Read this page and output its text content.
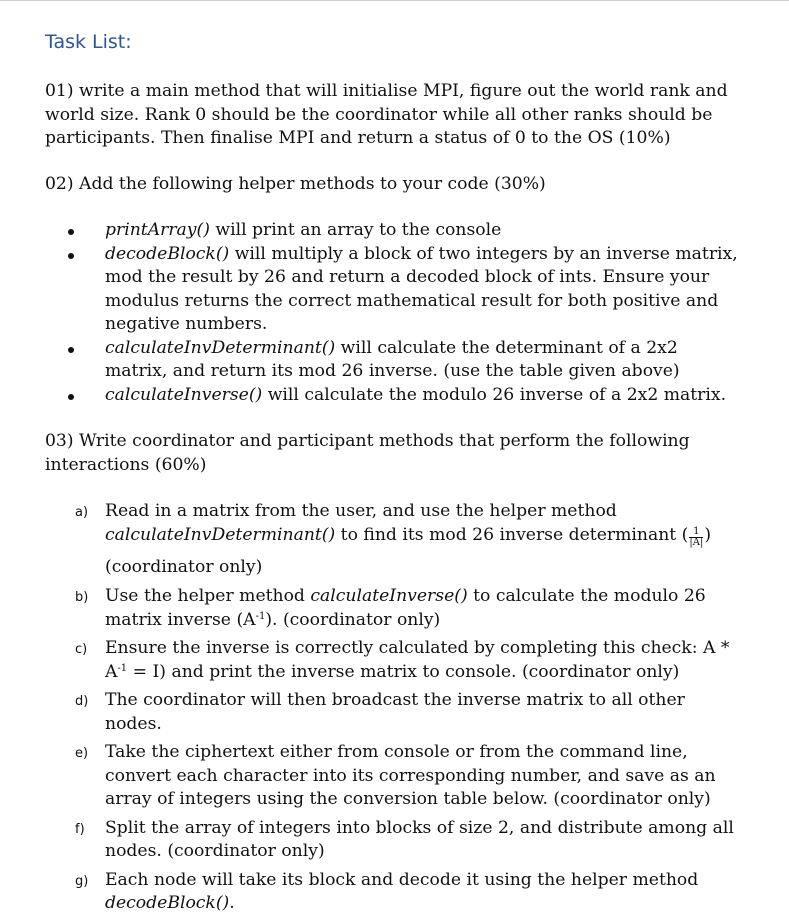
Task List:

01) write a main method that will initialise MPI, figure out the world rank and world size. Rank 0 should be the coordinator while all other ranks should be participants. Then finalise MPI and return a status of 0 to the OS (10%)

02) Add the following helper methods to your code (30%)

printArray() will print an array to the console
decodeBlock() will multiply a block of two integers by an inverse matrix, mod the result by 26 and return a decoded block of ints. Ensure your modulus returns the correct mathematical result for both positive and negative numbers.
calculateInvDeterminant() will calculate the determinant of a 2x2 matrix, and return its mod 26 inverse. (use the table given above)
calculateInverse() will calculate the modulo 26 inverse of a 2x2 matrix.

03) Write coordinator and participant methods that perform the following interactions (60%)

a) Read in a matrix from the user, and use the helper method
calculateInvDeterminant() to find its mod 26 inverse determinant ( $\frac{1}{|A|}$ )
(coordinator only)
b) Use the helper method calculateInverse() to calculate the modulo 26 matrix inverse $(A^{-1})$. (coordinator only)
c) Ensure the inverse is correctly calculated by completing this check: $A * A^{-1} = I$) and print the inverse matrix to console. (coordinator only)
d) The coordinator will then broadcast the inverse matrix to all other nodes.
e) Take the ciphertext either from console or from the command line, convert each character into its corresponding number, and save as an array of integers using the conversion table below. (coordinator only)
f) Split the array of integers into blocks of size 2, and distribute among all nodes. (coordinator only)
g) Each node will take its block and decode it using the helper method decodeBlock().
